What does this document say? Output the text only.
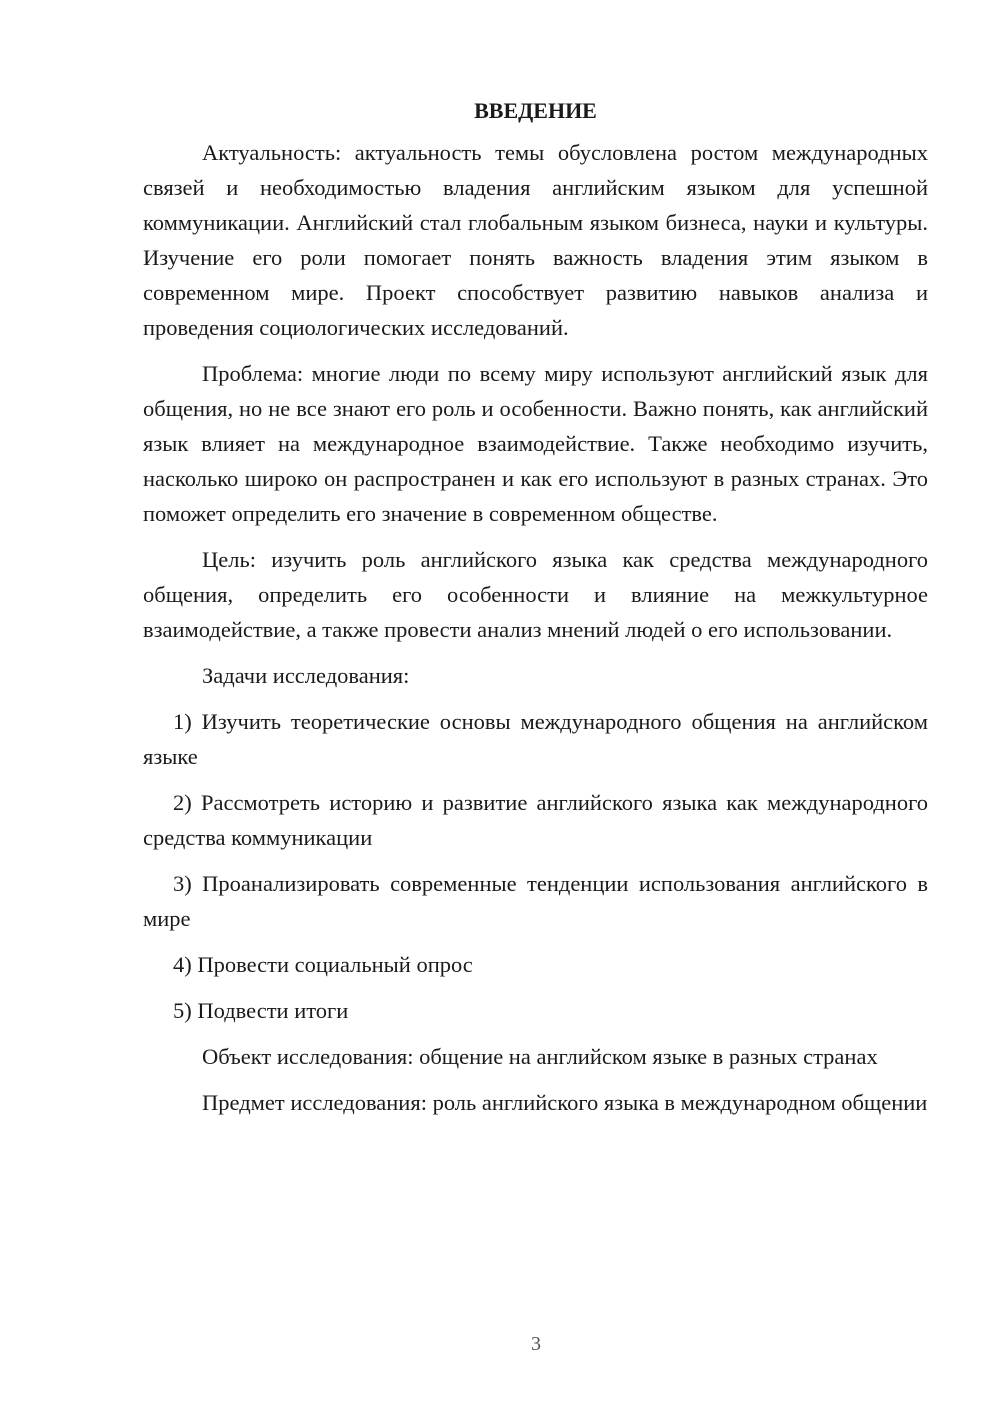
ВВЕДЕНИЕ

Актуальность: актуальность темы обусловлена ростом международных связей и необходимостью владения английским языком для успешной коммуникации. Английский стал глобальным языком бизнеса, науки и культуры. Изучение его роли помогает понять важность владения этим языком в современном мире. Проект способствует развитию навыков анализа и проведения социологических исследований.

Проблема: многие люди по всему миру используют английский язык для общения, но не все знают его роль и особенности. Важно понять, как английский язык влияет на международное взаимодействие. Также необходимо изучить, насколько широко он распространен и как его используют в разных странах. Это поможет определить его значение в современном обществе.

Цель: изучить роль английского языка как средства международного общения, определить его особенности и влияние на межкультурное взаимодействие, а также провести анализ мнений людей о его использовании.

Задачи исследования:

1) Изучить теоретические основы международного общения на английском языке

2) Рассмотреть историю и развитие английского языка как международного средства коммуникации

3) Проанализировать современные тенденции использования английского в мире

4) Провести социальный опрос

5) Подвести итоги

Объект исследования: общение на английском языке в разных странах

Предмет исследования: роль английского языка в международном общении

3
